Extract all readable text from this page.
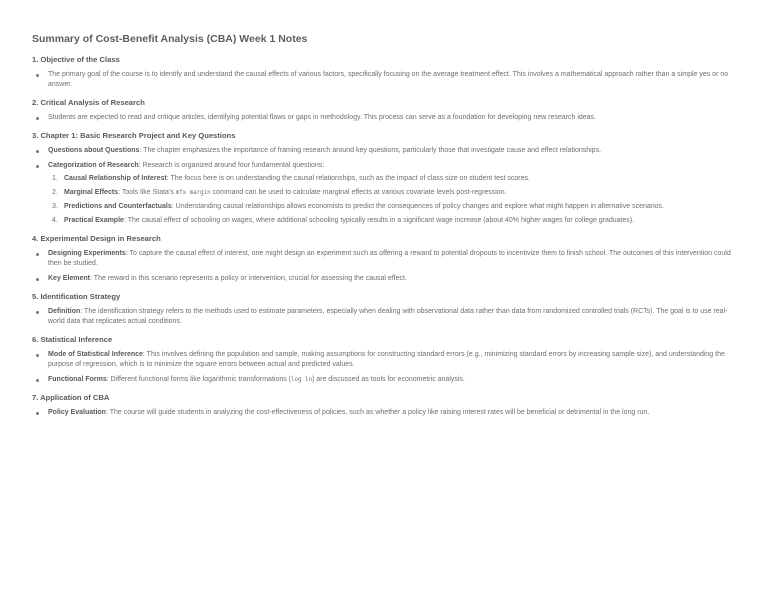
Summary of Cost-Benefit Analysis (CBA) Week 1 Notes
1. Objective of the Class
The primary goal of the course is to identify and understand the causal effects of various factors, specifically focusing on the average treatment effect. This involves a mathematical approach rather than a simple yes or no answer.
2. Critical Analysis of Research
Students are expected to read and critique articles, identifying potential flaws or gaps in methodology. This process can serve as a foundation for developing new research ideas.
3. Chapter 1: Basic Research Project and Key Questions
Questions about Questions: The chapter emphasizes the importance of framing research around key questions, particularly those that investigate cause and effect relationships.
Categorization of Research: Research is organized around four fundamental questions:
1. Causal Relationship of Interest: The focus here is on understanding the causal relationships, such as the impact of class size on student test scores.
2. Marginal Effects: Tools like Stata's mfx margin command can be used to calculate marginal effects at various covariate levels post-regression.
3. Predictions and Counterfactuals: Understanding causal relationships allows economists to predict the consequences of policy changes and explore what might happen in alternative scenarios.
4. Practical Example: The causal effect of schooling on wages, where additional schooling typically results in a significant wage increase (about 40% higher wages for college graduates).
4. Experimental Design in Research
Designing Experiments: To capture the causal effect of interest, one might design an experiment such as offering a reward to potential dropouts to incentivize them to finish school. The outcomes of this intervention could then be studied.
Key Element: The reward in this scenario represents a policy or intervention, crucial for assessing the causal effect.
5. Identification Strategy
Definition: The identification strategy refers to the methods used to estimate parameters, especially when dealing with observational data rather than data from randomized controlled trials (RCTs). The goal is to use real-world data that replicates actual conditions.
6. Statistical Inference
Mode of Statistical Inference: This involves defining the population and sample, making assumptions for constructing standard errors (e.g., minimizing standard errors by increasing sample size), and understanding the purpose of regression, which is to minimize the square errors between actual and predicted values.
Functional Forms: Different functional forms like logarithmic transformations (log ln) are discussed as tools for econometric analysis.
7. Application of CBA
Policy Evaluation: The course will guide students in analyzing the cost-effectiveness of policies, such as whether a policy like raising interest rates will be beneficial or detrimental in the long run.
